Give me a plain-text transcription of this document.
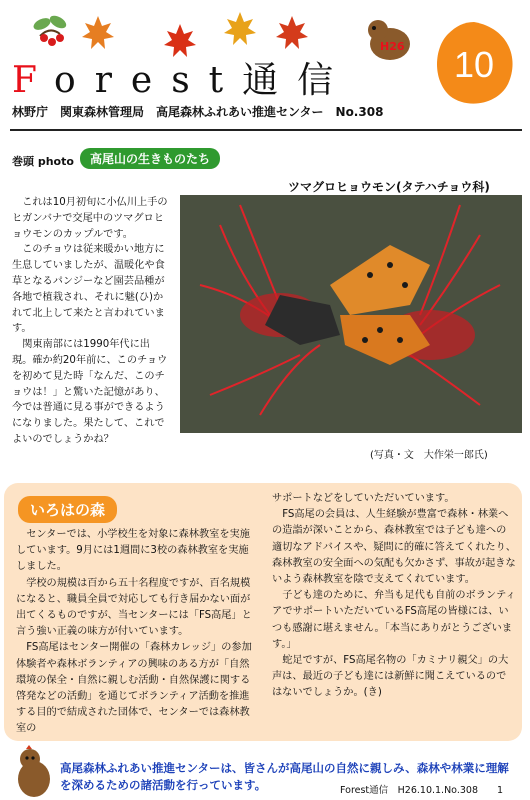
Forest通信
H26	10
林野庁　関東森林管理局　高尾森林ふれあい推進センター　No.308
巻頭 photo	高尾山の生きものたち
ツマグロヒョウモン(タテハチョウ科)

これは10月初旬に小仏川上手のヒガンバナで交尾中のツマグロヒョウモンのカップルです。

このチョウは従来暖かい地方に生息していましたが、温暖化や食草となるパンジーなど園芸品種が各地で植栽され、それに魅(ひ)かれて北上して来たと言われています。

関東南部には1990年代に出現。確か約20年前に、このチョウを初めて見た時「なんだ、このチョウは！」と驚いた記憶があり、今では普通に見る事ができるようになりました。果たして、これでよいのでしょうかね？

(写真・文　大作栄一郎氏)
いろはの森

センターでは、小学校生を対象に森林教室を実施しています。9月には1週間に3校の森林教室を実施しました。

学校の規模は百から五十名程度ですが、百名規模になると、職員全員で対応しても行き届かない面が出てくるものですが、当センターには「FS高尾」と言う強い正義の味方が付いています。

FS高尾はセンター開催の「森林カレッジ」の参加体験者や森林ボランティアの興味のある方が「自然環境の保全・自然に親しむ活動・自然保護に関する啓発などの活動」を通じてボランティア活動を推進する目的で結成された団体で、センターでは森林教室の

サポートなどをしていただいています。

FS高尾の会員は、人生経験が豊富で森林・林業への造詣が深いことから、森林教室では子ども達への適切なアドバイスや、疑問に的確に答えてくれたり、森林教室の安全面への気配も欠かさず、事故が起きないよう森林教室を陰で支えてくれています。

子ども達のために、弁当も足代も自前のボランティアでサポートいただいているFS高尾の皆様には、いつも感謝に堪えません。「本当にありがとうございます。」

蛇足ですが、FS高尾名物の「カミナリ親父」の大声は、最近の子ども達には新鮮に聞こえているのではないでしょうか。(き)

高尾森林ふれあい推進センターは、皆さんが高尾山の自然に親しみ、森林や林業に理解を深めるための諸活動を行っています。	Forest通信　H26.10.1.No.308　　1
